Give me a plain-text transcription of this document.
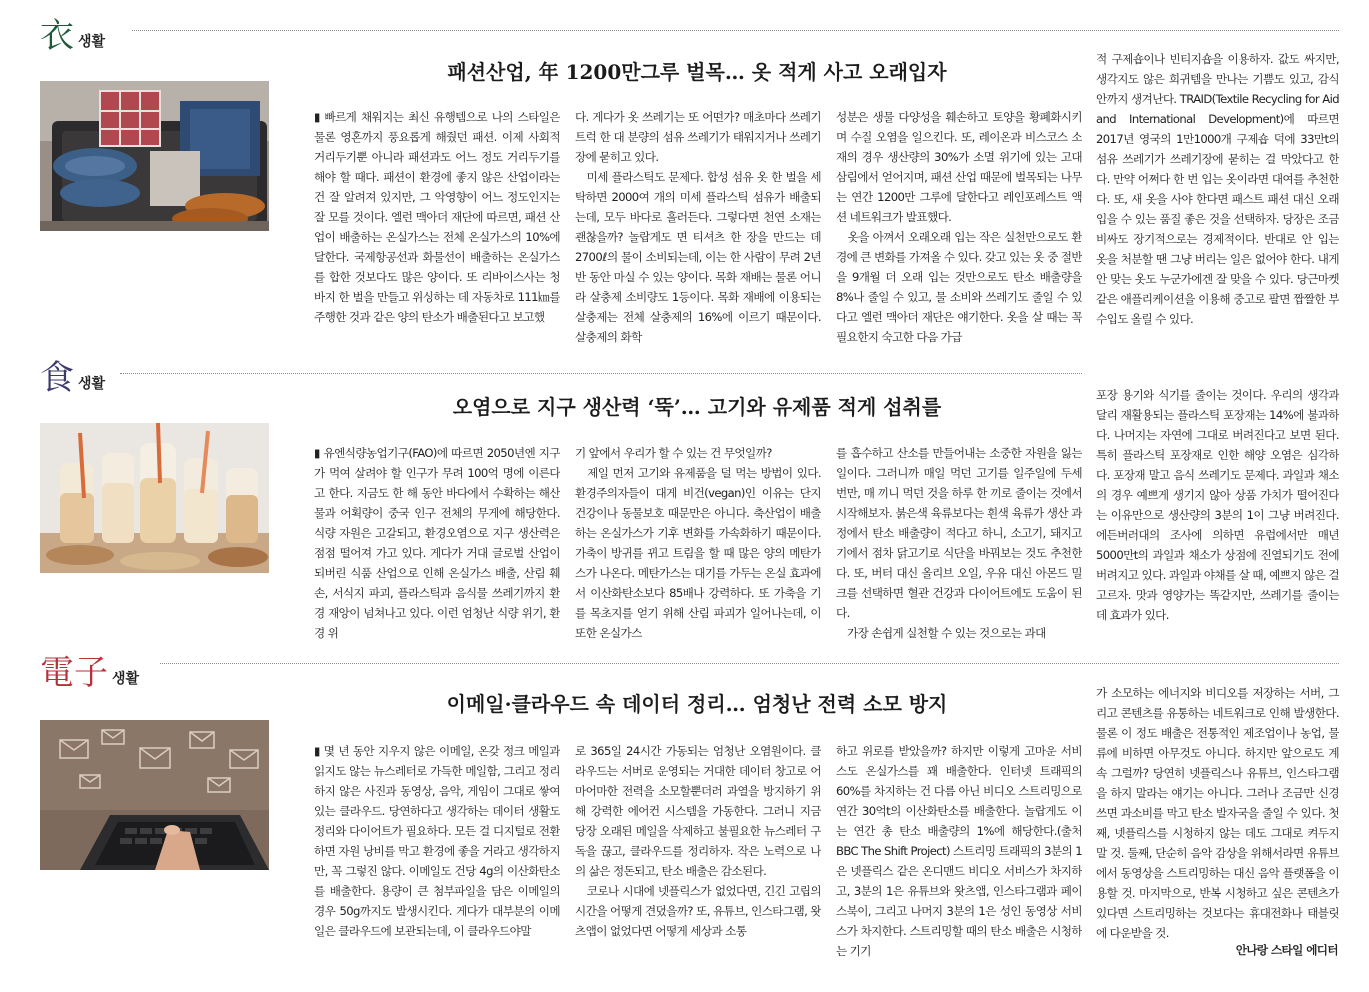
衣 생활
패션산업, 年 1200만그루 벌목… 옷 적게 사고 오래입자
▮ 빠르게 채워지는 최신 유행템으로 나의 스타일은 물론 영혼까지 풍요롭게 해줬던 패션. 이제 사회적 거리두기뿐 아니라 패션과도 어느 정도 거리두기를 해야 할 때다. 패션이 환경에 좋지 않은 산업이라는 건 잘 알려져 있지만, 그 악영향이 어느 정도인지는 잘 모를 것이다. 엘런 맥아더 재단에 따르면, 패션 산업이 배출하는 온실가스는 전체 온실가스의 10%에 달한다. 국제항공선과 화물선이 배출하는 온실가스를 합한 것보다도 많은 양이다. 또 리바이스사는 청바지 한 벌을 만들고 위싱하는 데 자동차로 111㎞를 주행한 것과 같은 양의 탄소가 배출된다고 보고했
다. 게다가 옷 쓰레기는 또 어떤가? 매초마다 쓰레기 트럭 한 대 분량의 섬유 쓰레기가 태워지거나 쓰레기장에 묻히고 있다.
　미세 플라스틱도 문제다. 합성 섬유 옷 한 벌을 세탁하면 2000여 개의 미세 플라스틱 섬유가 배출되는데, 모두 바다로 흘러든다. 그렇다면 천연 소재는 괜찮을까? 놀랍게도 면 티셔츠 한 장을 만드는 데 2700ℓ의 물이 소비되는데, 이는 한 사람이 무려 2년 반 동안 마실 수 있는 양이다. 목화 재배는 물론 어니라 살충제 소비량도 1등이다. 목화 재배에 이용되는 살충제는 전체 살충제의 16%에 이르기 때문이다. 살충제의 화학
성분은 생물 다양성을 훼손하고 토양을 황폐화시키며 수질 오염을 일으킨다. 또, 레이온과 비스코스 소재의 경우 생산량의 30%가 소멸 위기에 있는 고대 삼림에서 얻어지며, 패션 산업 때문에 벌목되는 나무는 연간 1200만 그루에 달한다고 레인포레스트 액션 네트워크가 발표했다.
　옷을 아껴서 오래오래 입는 작은 실천만으로도 환경에 큰 변화를 가져올 수 있다. 갖고 있는 옷 중 절반을 9개월 더 오래 입는 것만으로도 탄소 배출량을 8%나 줄일 수 있고, 물 소비와 쓰레기도 줄일 수 있다고 엘런 맥아더 재단은 얘기한다. 옷을 살 때는 꼭 필요한지 숙고한 다음 가급
적 구제숍이나 빈티지숍을 이용하자. 값도 싸지만, 생각지도 않은 희귀템을 만나는 기쁨도 있고, 감식안까지 생겨난다. TRAID(Textile Recycling for Aid and International Development)에 따르면 2017년 영국의 1만1000개 구제숍 덕에 33만t의 섬유 쓰레기가 쓰레기장에 묻히는 걸 막았다고 한다. 만약 어쩌다 한 번 입는 옷이라면 대여를 추천한다. 또, 새 옷을 사야 한다면 패스트 패션 대신 오래 입을 수 있는 품질 좋은 것을 선택하자. 당장은 조금 비싸도 장기적으로는 경제적이다. 반대로 안 입는 옷을 처분할 땐 그냥 버리는 일은 없어야 한다. 내게 안 맞는 옷도 누군가에겐 잘 맞을 수 있다. 당근마켓 같은 애플리케이션을 이용해 중고로 팔면 짭짤한 부수입도 올릴 수 있다.
食 생활
오염으로 지구 생산력 ‘뚝’… 고기와 유제품 적게 섭취를
▮ 유엔식량농업기구(FAO)에 따르면 2050년엔 지구가 먹여 살려야 할 인구가 무려 100억 명에 이른다고 한다. 지금도 한 해 동안 바다에서 수확하는 해산물과 어획량이 중국 인구 전체의 무게에 해당한다. 식량 자원은 고갈되고, 환경오염으로 지구 생산력은 점점 떨어져 가고 있다. 게다가 거대 글로벌 산업이 되버린 식품 산업으로 인해 온실가스 배출, 산림 훼손, 서식지 파괴, 플라스틱과 음식물 쓰레기까지 환경 재앙이 넘쳐나고 있다. 이런 엄청난 식량 위기, 환경 위
기 앞에서 우리가 할 수 있는 건 무엇일까?
　제일 먼저 고기와 유제품을 덜 먹는 방법이 있다. 환경주의자들이 대게 비건(vegan)인 이유는 단지 건강이나 동물보호 때문만은 아니다. 축산업이 배출하는 온실가스가 기후 변화를 가속화하기 때문이다. 가축이 방귀를 뀌고 트림을 할 때 많은 양의 메탄가스가 나온다. 메탄가스는 대기를 가두는 온실 효과에서 이산화탄소보다 85배나 강력하다. 또 가축을 기를 목초지를 얻기 위해 산림 파괴가 일어나는데, 이 또한 온실가스
를 흡수하고 산소를 만들어내는 소중한 자원을 잃는 일이다. 그러니까 매일 먹던 고기를 일주일에 두세 번만, 매 끼니 먹던 것을 하루 한 끼로 줄이는 것에서 시작해보자. 붉은색 육류보다는 흰색 육류가 생산 과정에서 탄소 배출량이 적다고 하니, 소고기, 돼지고기에서 점차 닭고기로 식단을 바꿔보는 것도 추천한다. 또, 버터 대신 올리브 오일, 우유 대신 아몬드 밀크를 선택하면 혈관 건강과 다이어트에도 도움이 된다.
　가장 손쉽게 실천할 수 있는 것으로는 과대
포장 용기와 식기를 줄이는 것이다. 우리의 생각과 달리 재활용되는 플라스틱 포장재는 14%에 불과하다. 나머지는 자연에 그대로 버려진다고 보면 된다. 특히 플라스틱 포장재로 인한 해양 오염은 심각하다. 포장재 말고 음식 쓰레기도 문제다. 과일과 채소의 경우 예쁘게 생기지 않아 상품 가치가 떨어진다는 이유만으로 생산량의 3분의 1이 그냥 버려진다. 에든버러대의 조사에 의하면 유럽에서만 매년 5000만t의 과일과 채소가 상점에 진열되기도 전에 버려지고 있다. 과일과 야채를 살 때, 예쁘지 않은 걸 고르자. 맛과 영양가는 똑같지만, 쓰레기를 줄이는 데 효과가 있다.
電子 생활
이메일·클라우드 속 데이터 정리… 엄청난 전력 소모 방지
▮ 몇 년 동안 지우지 않은 이메일, 온갖 정크 메일과 읽지도 않는 뉴스레터로 가득한 메일함, 그리고 정리하지 않은 사진과 동영상, 음악, 게임이 그대로 쌓여 있는 클라우드. 당연하다고 생각하는 데이터 생활도 정리와 다이어트가 필요하다. 모든 걸 디지털로 전환하면 자원 낭비를 막고 환경에 좋을 거라고 생각하지만, 꼭 그렇진 않다. 이메일도 건당 4g의 이산화탄소를 배출한다. 용량이 큰 첨부파일을 담은 이메일의 경우 50g까지도 발생시킨다. 게다가 대부분의 이메일은 클라우드에 보관되는데, 이 클라우드야말
로 365일 24시간 가동되는 엄청난 오염원이다. 클라우드는 서버로 운영되는 거대한 데이터 창고로 어마어마한 전력을 소모할뿐더러 과열을 방지하기 위해 강력한 에어컨 시스템을 가동한다. 그러니 지금 당장 오래된 메일을 삭제하고 불필요한 뉴스레터 구독을 끊고, 클라우드를 정리하자. 작은 노력으로 나의 삶은 정돈되고, 탄소 배출은 감소된다.
　코로나 시대에 넷플릭스가 없었다면, 긴긴 고립의 시간을 어떻게 견뎠을까? 또, 유튜브, 인스타그램, 왓츠앱이 없었다면 어떻게 세상과 소통
하고 위로를 받았을까? 하지만 이렇게 고마운 서비스도 온실가스를 꽤 배출한다. 인터넷 트래픽의 60%를 차지하는 건 다름 아닌 비디오 스트리밍으로 연간 30억t의 이산화탄소를 배출한다. 놀랍게도 이는 연간 총 탄소 배출량의 1%에 해당한다.(출처 BBC The Shift Project) 스트리밍 트래픽의 3분의 1은 넷플릭스 같은 온디맨드 비디오 서비스가 차지하고, 3분의 1은 유튜브와 왓츠앱, 인스타그램과 페이스북이, 그리고 나머지 3분의 1은 성인 동영상 서비스가 차지한다. 스트리밍할 때의 탄소 배출은 시청하는 기기
가 소모하는 에너지와 비디오를 저장하는 서버, 그리고 콘텐츠를 유통하는 네트워크로 인해 발생한다. 물론 이 정도 배출은 전통적인 제조업이나 농업, 물류에 비하면 아무것도 아니다. 하지만 앞으로도 계속 그럴까? 당연히 넷플릭스나 유튜브, 인스타그램을 하지 말라는 얘기는 아니다. 그러나 조금만 신경 쓰면 과소비를 막고 탄소 발자국을 줄일 수 있다. 첫째, 넷플릭스를 시청하지 않는 데도 그대로 켜두지 말 것. 둘째, 단순히 음악 감상을 위해서라면 유튜브에서 동영상을 스트리밍하는 대신 음악 플랫폼을 이용할 것. 마지막으로, 반복 시청하고 싶은 콘텐츠가 있다면 스트리밍하는 것보다는 휴대전화나 태블릿에 다운받을 것.
안나랑 스타일 에디터
